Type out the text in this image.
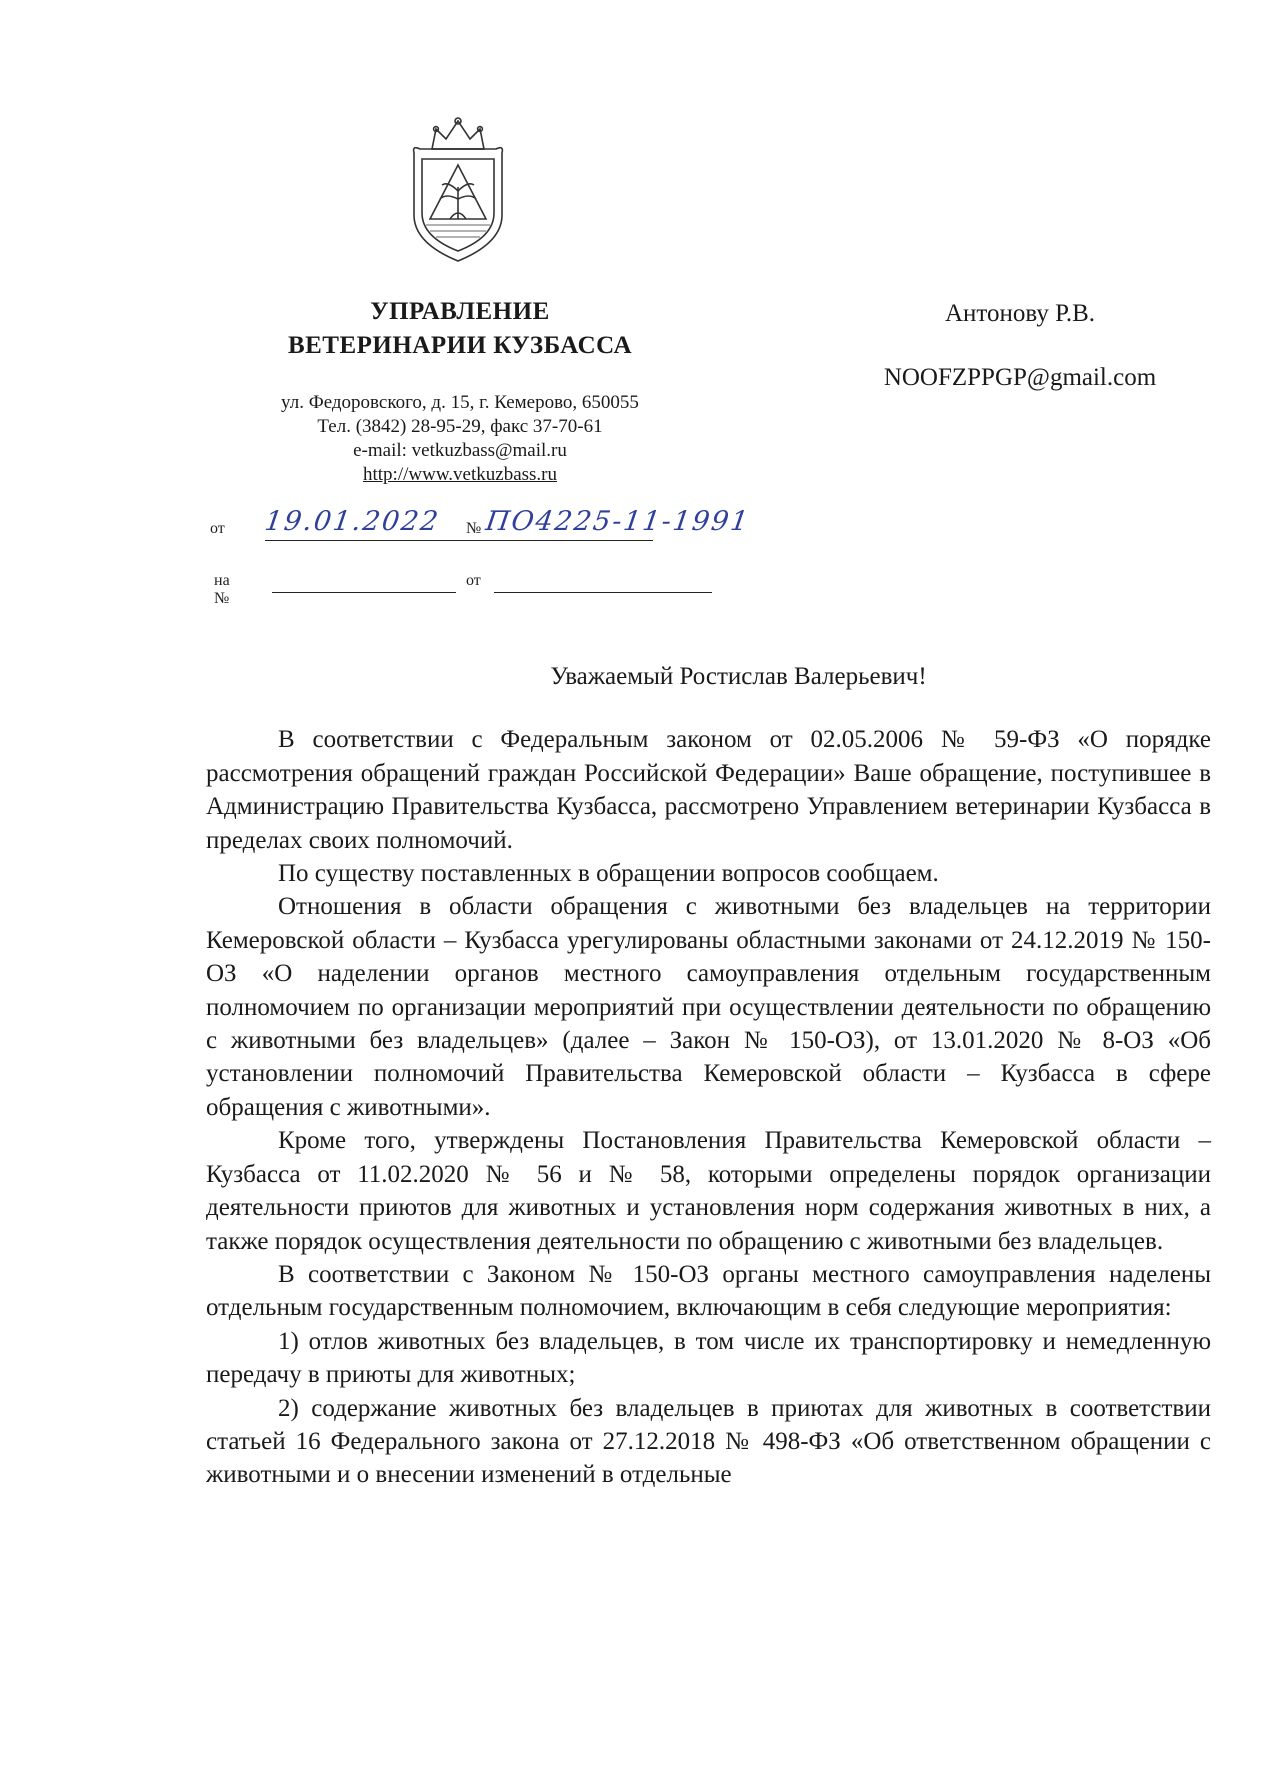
УПРАВЛЕНИЕ
ВЕТЕРИНАРИИ КУЗБАССА
ул. Федоровского, д. 15, г. Кемерово, 650055
Тел. (3842) 28-95-29, факс 37-70-61
e-mail: vetkuzbass@mail.ru
http://www.vetkuzbass.ru
Антонову Р.В.
NOOFZPPGP@gmail.com
от	№
19.01.2022 ПО4225-11-1991
на №
от

Уважаемый Ростислав Валерьевич!

В соответствии с Федеральным законом от 02.05.2006 № 59-ФЗ «О порядке рассмотрения обращений граждан Российской Федерации» Ваше обращение, поступившее в Администрацию Правительства Кузбасса, рассмотрено Управлением ветеринарии Кузбасса в пределах своих полномочий.

По существу поставленных в обращении вопросов сообщаем.

Отношения в области обращения с животными без владельцев на территории Кемеровской области – Кузбасса урегулированы областными законами от 24.12.2019 № 150-ОЗ «О наделении органов местного самоуправления отдельным государственным полномочием по организации мероприятий при осуществлении деятельности по обращению с животными без владельцев» (далее – Закон № 150-ОЗ), от 13.01.2020 № 8-ОЗ «Об установлении полномочий Правительства Кемеровской области – Кузбасса в сфере обращения с животными».

Кроме того, утверждены Постановления Правительства Кемеровской области – Кузбасса от 11.02.2020 № 56 и № 58, которыми определены порядок организации деятельности приютов для животных и установления норм содержания животных в них, а также порядок осуществления деятельности по обращению с животными без владельцев.

В соответствии с Законом № 150-ОЗ органы местного самоуправления наделены отдельным государственным полномочием, включающим в себя следующие мероприятия:

1) отлов животных без владельцев, в том числе их транспортировку и немедленную передачу в приюты для животных;

2) содержание животных без владельцев в приютах для животных в соответствии статьей 16 Федерального закона от 27.12.2018 № 498-ФЗ «Об ответственном обращении с животными и о внесении изменений в отдельные
